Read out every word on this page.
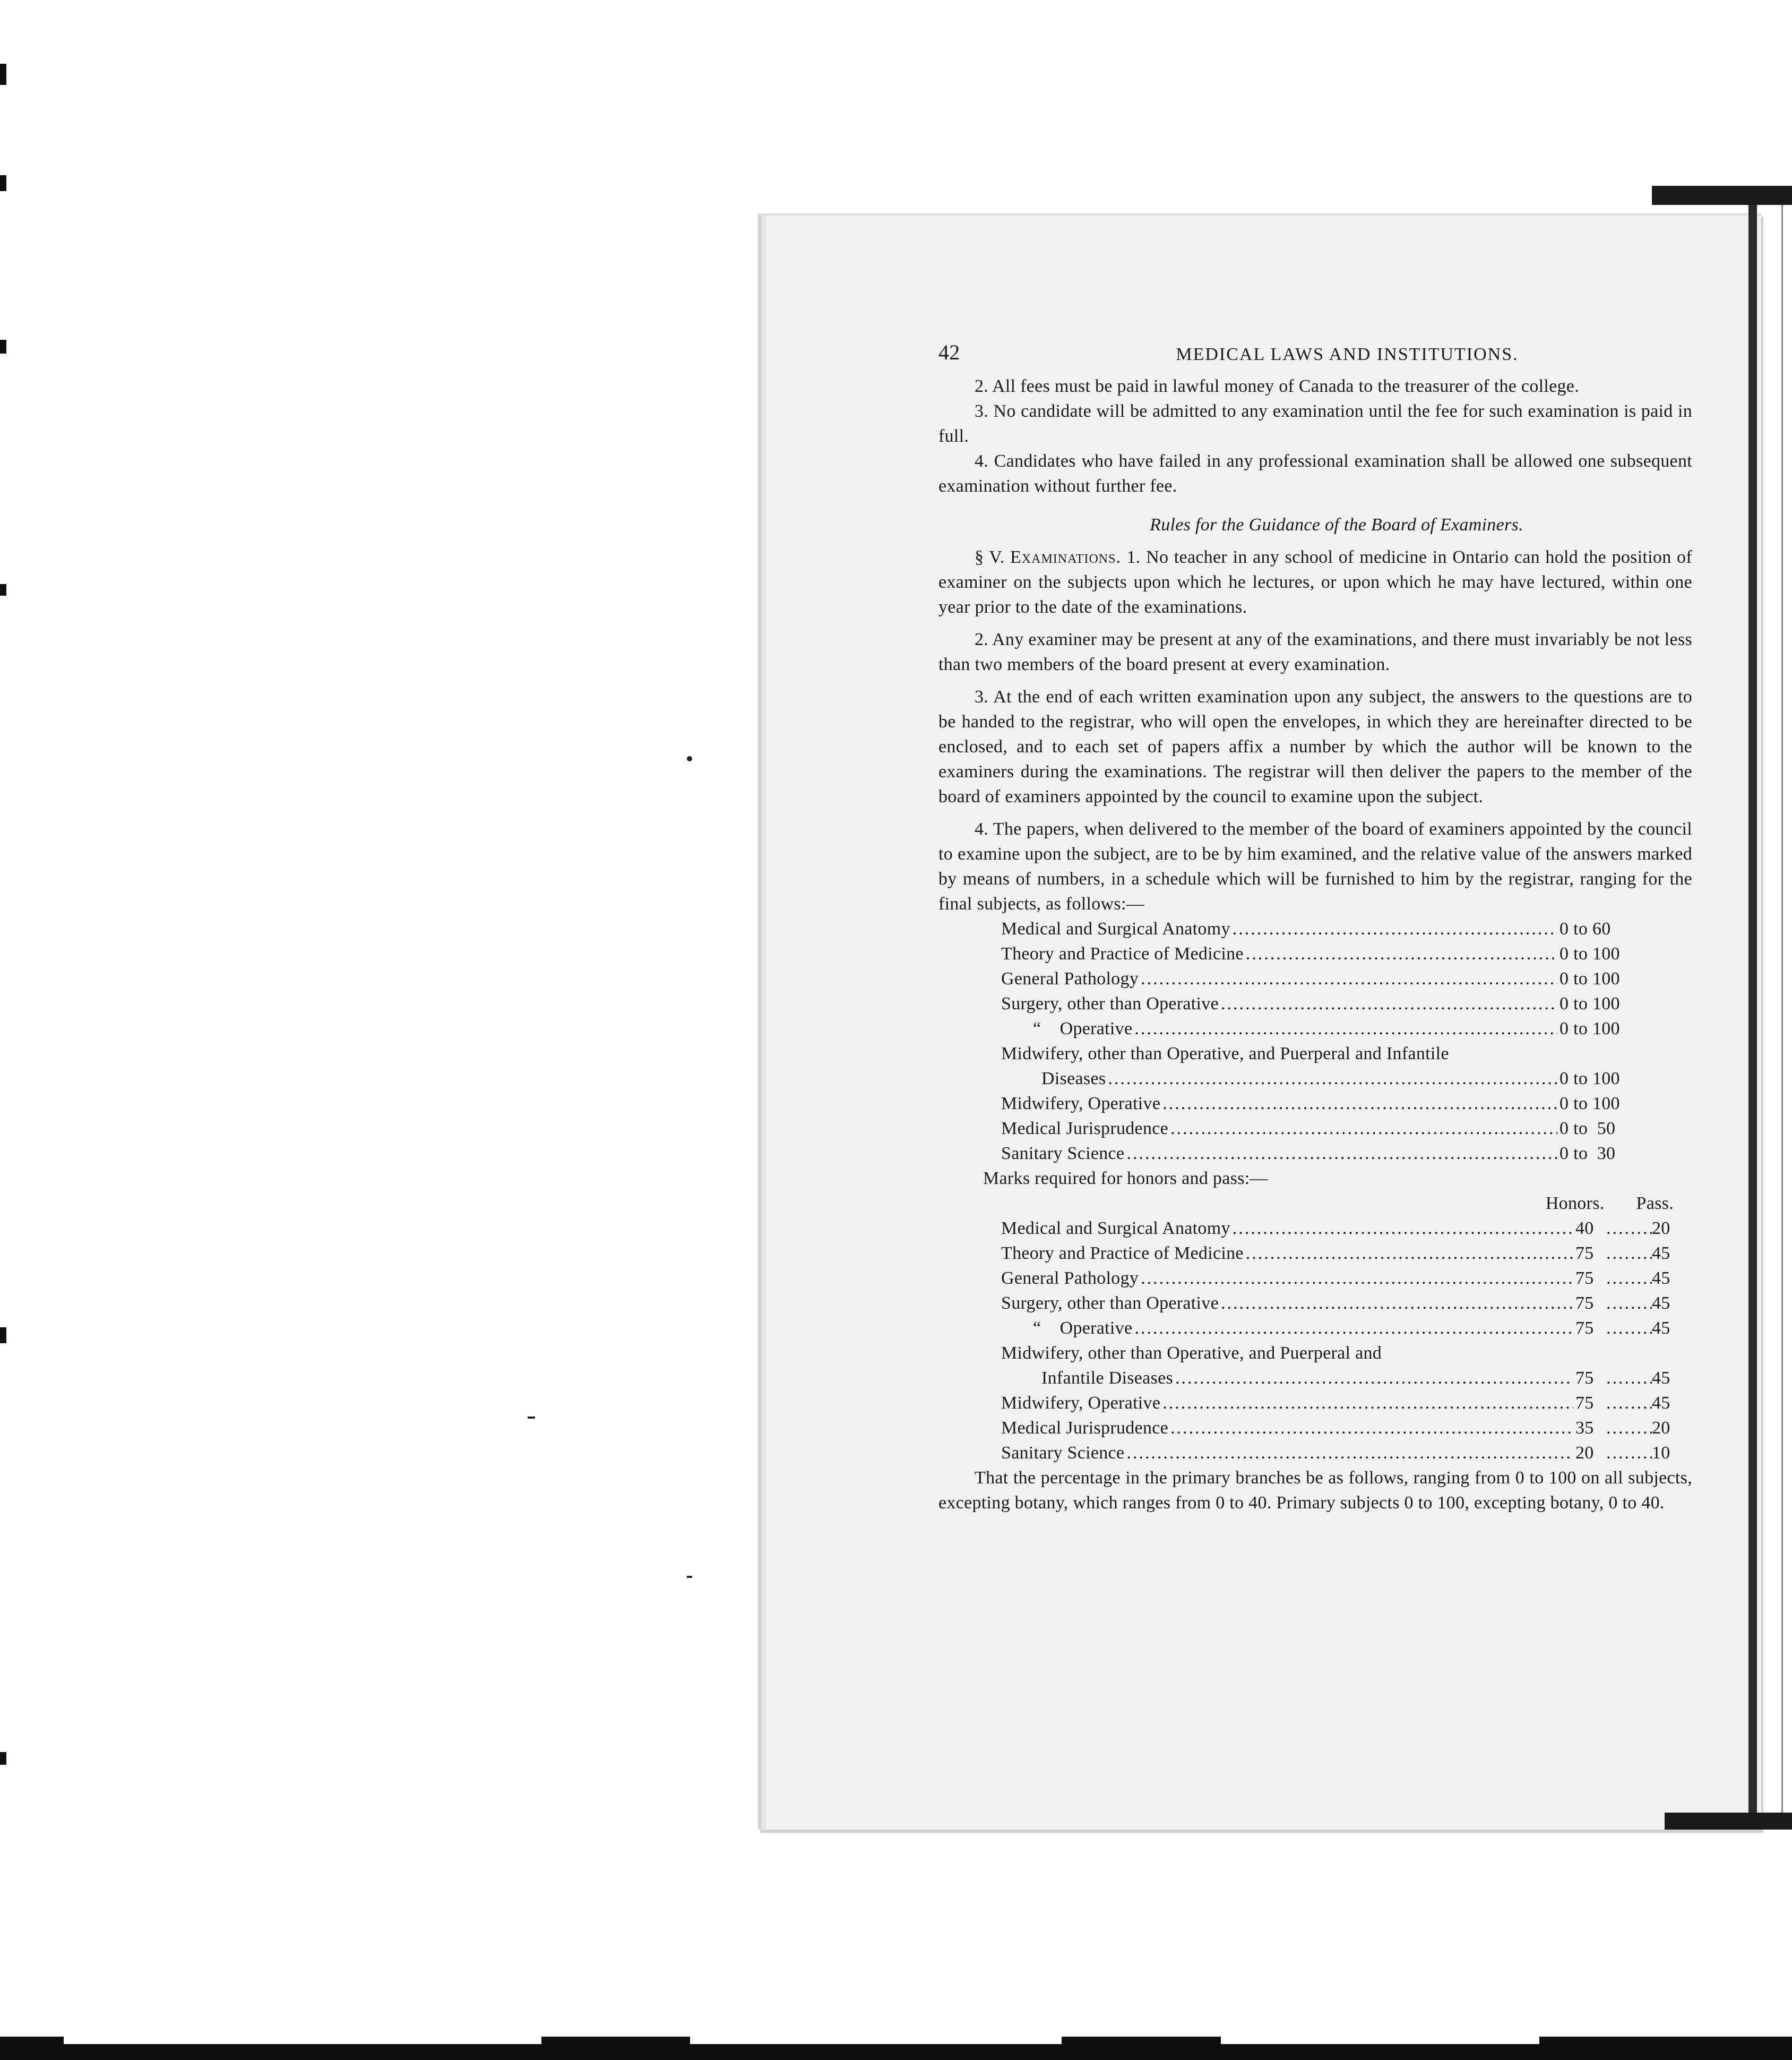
42	MEDICAL LAWS AND INSTITUTIONS.

2. All fees must be paid in lawful money of Canada to the treasurer of the college.

3. No candidate will be admitted to any examination until the fee for such examination is paid in full.

4. Candidates who have failed in any professional examination shall be allowed one subsequent examination without further fee.

Rules for the Guidance of the Board of Examiners.

§ V. Examinations. 1. No teacher in any school of medicine in Ontario can hold the position of examiner on the subjects upon which he lectures, or upon which he may have lectured, within one year prior to the date of the examinations.

2. Any examiner may be present at any of the examinations, and there must invariably be not less than two members of the board present at every examination.

3. At the end of each written examination upon any subject, the answers to the questions are to be handed to the registrar, who will open the envelopes, in which they are hereinafter directed to be enclosed, and to each set of papers affix a number by which the author will be known to the examiners during the examinations. The registrar will then deliver the papers to the member of the board of examiners appointed by the council to examine upon the subject.

4. The papers, when delivered to the member of the board of examiners appointed by the council to examine upon the subject, are to be by him examined, and the relative value of the answers marked by means of numbers, in a schedule which will be furnished to him by the registrar, ranging for the final subjects, as follows:—

Medical and Surgical Anatomy .....	0 to 60
Theory and Practice of Medicine .....	0 to 100
General Pathology .....	0 to 100
Surgery, other than Operative .....	0 to 100
“    Operative .....	0 to 100
Midwifery, other than Operative, and Puerperal and Infantile
Diseases .....	0 to 100
Midwifery, Operative .....	0 to 100
Medical Jurisprudence .....	0 to  50
Sanitary Science .....	0 to  30
Marks required for honors and pass:—
Honors. Pass.
Medical and Surgical Anatomy .....	40 .....	20
Theory and Practice of Medicine .....	75 .....	45
General Pathology .....	75 .....	45
Surgery, other than Operative .....	75 .....	45
“    Operative .....	75 .....	45
Midwifery, other than Operative, and Puerperal and
Infantile Diseases .....	75 .....	45
Midwifery, Operative .....	75 .....	45
Medical Jurisprudence .....	35 .....	20
Sanitary Science .....	20 .....	10

That the percentage in the primary branches be as follows, ranging from 0 to 100 on all subjects, excepting botany, which ranges from 0 to 40. Primary subjects 0 to 100, excepting botany, 0 to 40.
